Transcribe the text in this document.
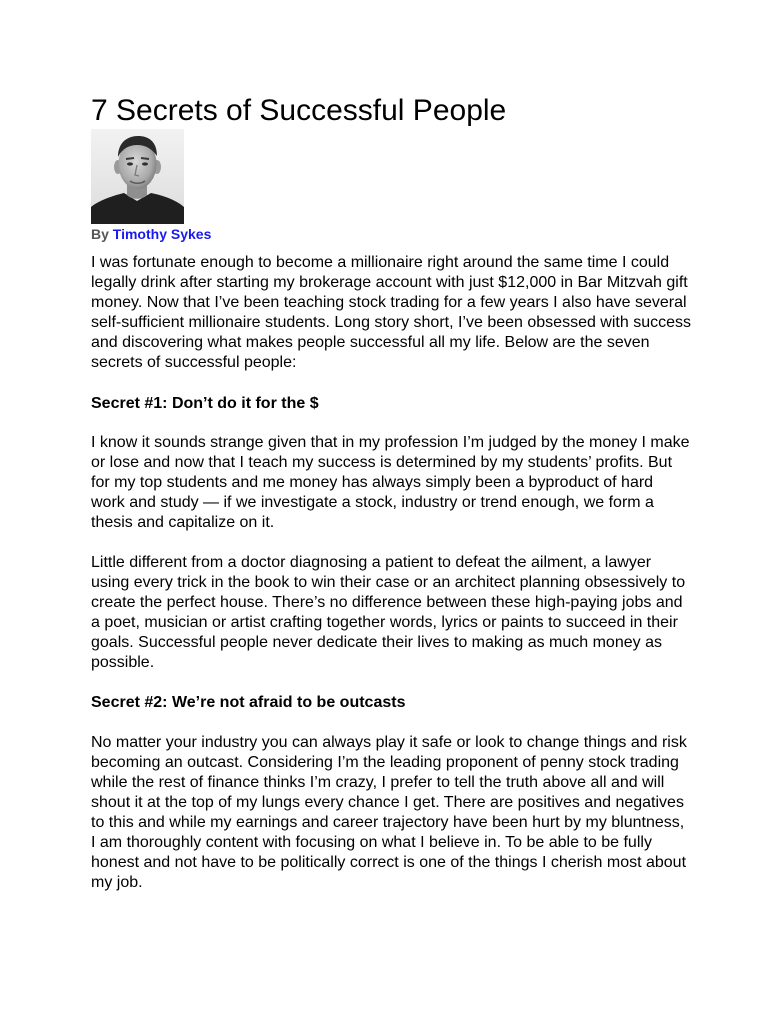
7 Secrets of Successful People
By Timothy Sykes

I was fortunate enough to become a millionaire right around the same time I could legally drink after starting my brokerage account with just $12,000 in Bar Mitzvah gift money. Now that I’ve been teaching stock trading for a few years I also have several self-sufficient millionaire students. Long story short, I’ve been obsessed with success and discovering what makes people successful all my life. Below are the seven secrets of successful people:

Secret #1: Don’t do it for the $

I know it sounds strange given that in my profession I’m judged by the money I make or lose and now that I teach my success is determined by my students’ profits. But for my top students and me money has always simply been a byproduct of hard work and study — if we investigate a stock, industry or trend enough, we form a thesis and capitalize on it.

Little different from a doctor diagnosing a patient to defeat the ailment, a lawyer using every trick in the book to win their case or an architect planning obsessively to create the perfect house. There’s no difference between these high-paying jobs and a poet, musician or artist crafting together words, lyrics or paints to succeed in their goals. Successful people never dedicate their lives to making as much money as possible.

Secret #2: We’re not afraid to be outcasts

No matter your industry you can always play it safe or look to change things and risk becoming an outcast. Considering I’m the leading proponent of penny stock trading while the rest of finance thinks I’m crazy, I prefer to tell the truth above all and will shout it at the top of my lungs every chance I get. There are positives and negatives to this and while my earnings and career trajectory have been hurt by my bluntness, I am thoroughly content with focusing on what I believe in. To be able to be fully honest and not have to be politically correct is one of the things I cherish most about my job.
